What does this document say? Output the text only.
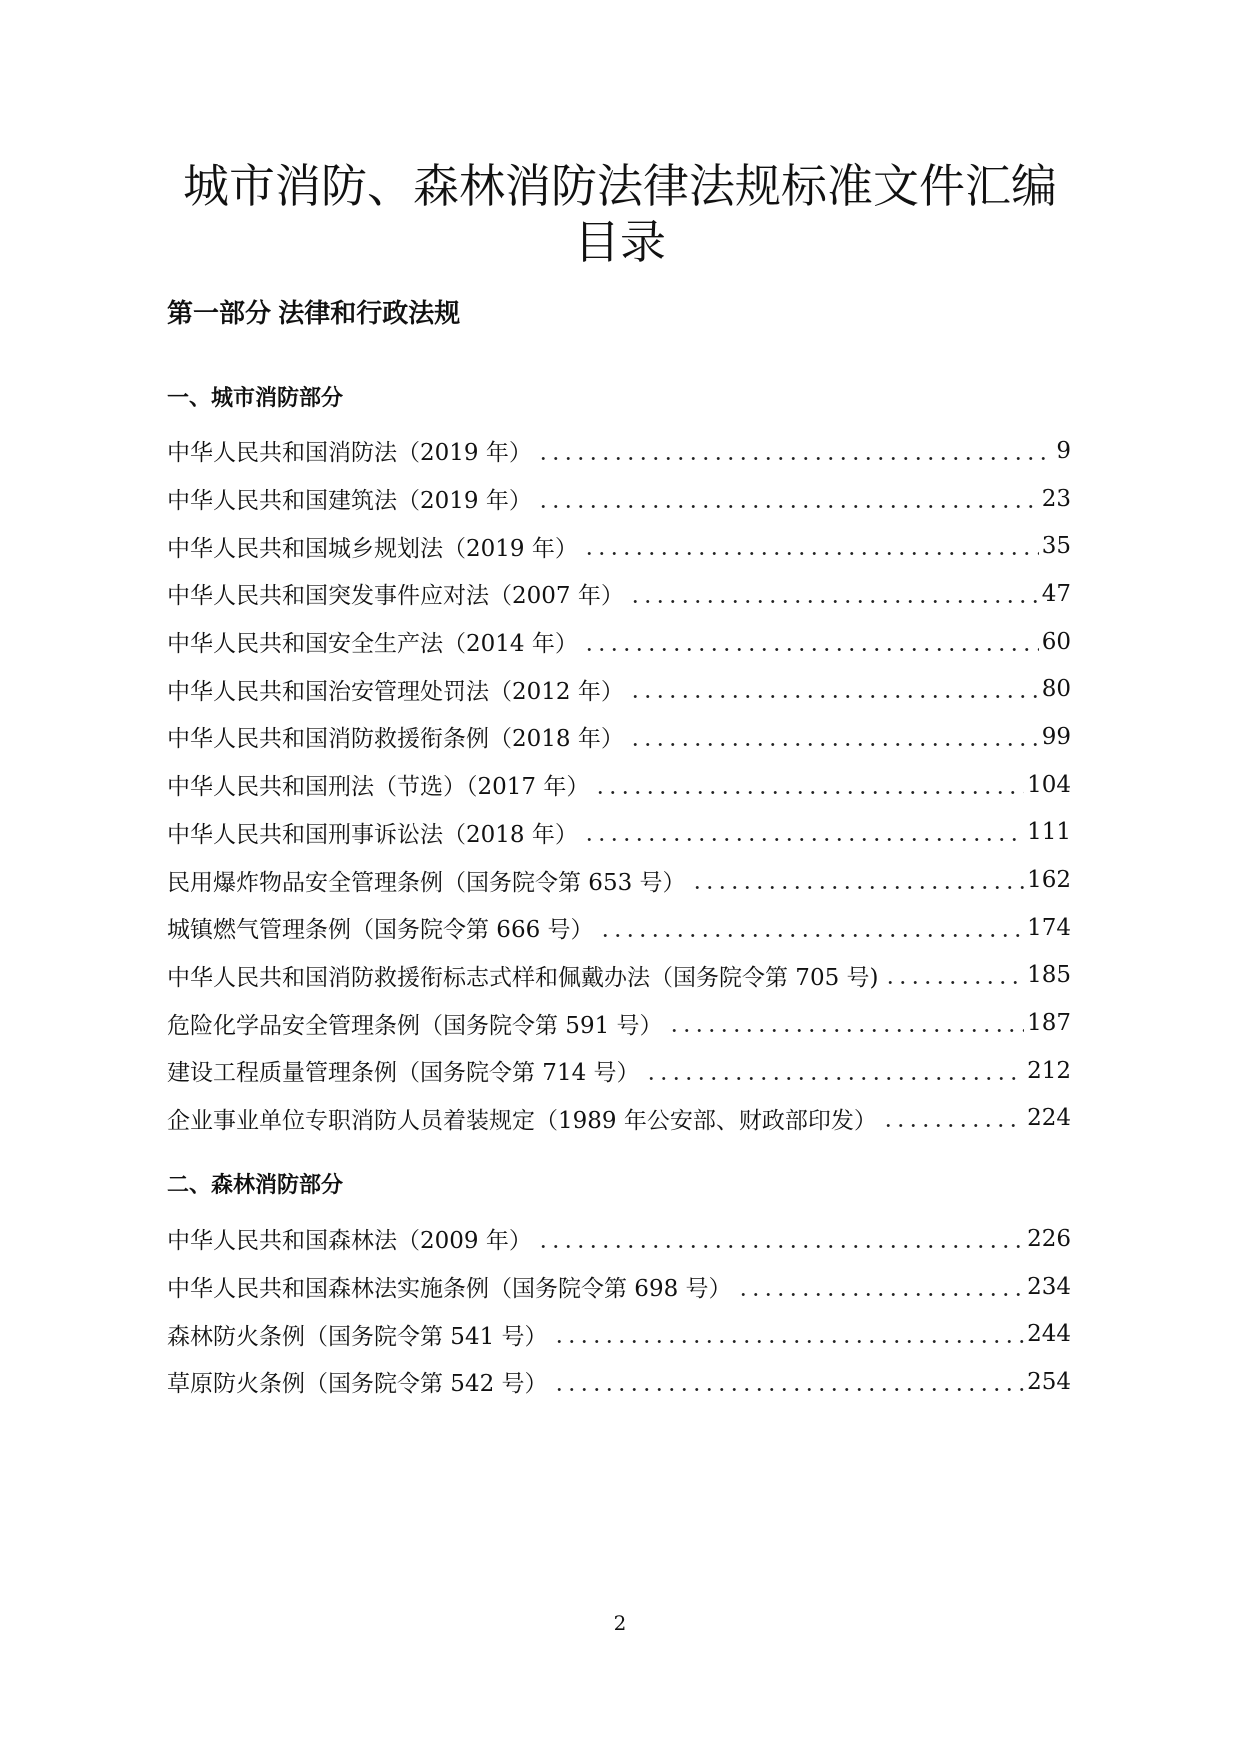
城市消防、森林消防法律法规标准文件汇编
目录
第一部分 法律和行政法规
一、城市消防部分
中华人民共和国消防法（2019 年）	9
中华人民共和国建筑法（2019 年）	23
中华人民共和国城乡规划法（2019 年）	35
中华人民共和国突发事件应对法（2007 年）	47
中华人民共和国安全生产法（2014 年）	60
中华人民共和国治安管理处罚法（2012 年）	80
中华人民共和国消防救援衔条例（2018 年）	99
中华人民共和国刑法（节选）（2017 年）	104
中华人民共和国刑事诉讼法（2018 年）	111
民用爆炸物品安全管理条例（国务院令第 653 号）	162
城镇燃气管理条例（国务院令第 666 号）	174
中华人民共和国消防救援衔标志式样和佩戴办法（国务院令第 705 号)	185
危险化学品安全管理条例（国务院令第 591 号）	187
建设工程质量管理条例（国务院令第 714 号）	212
企业事业单位专职消防人员着装规定（1989 年公安部、财政部印发）	224
二、森林消防部分
中华人民共和国森林法（2009 年）	226
中华人民共和国森林法实施条例（国务院令第 698 号）	234
森林防火条例（国务院令第 541 号）	244
草原防火条例（国务院令第 542 号）	254
2
